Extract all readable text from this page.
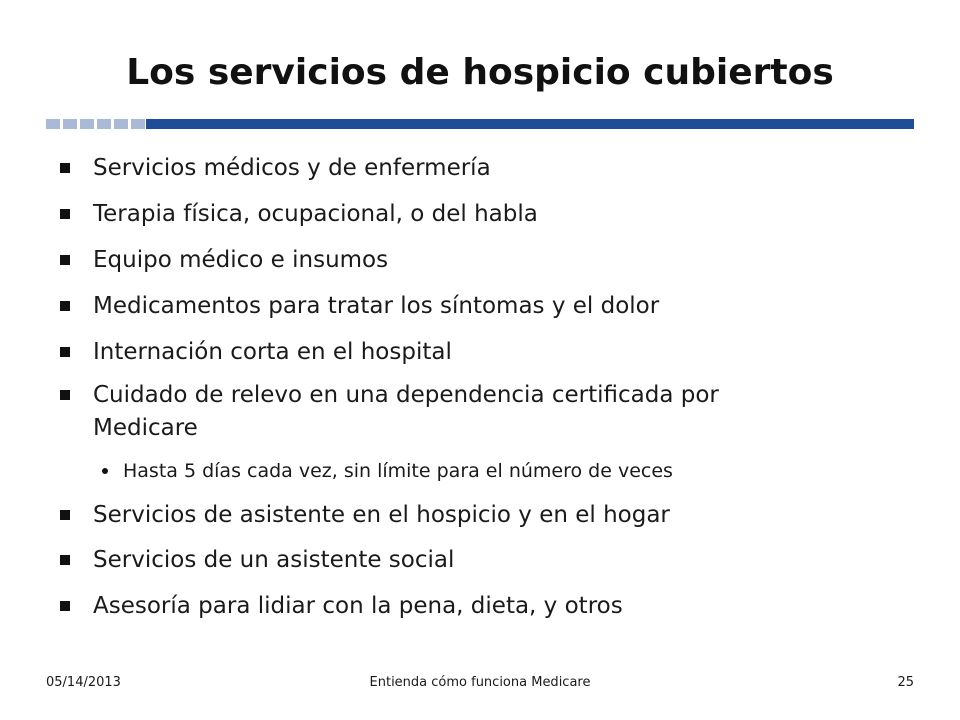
Los servicios de hospicio cubiertos
Servicios médicos y de enfermería
Terapia física, ocupacional, o del habla
Equipo médico e insumos
Medicamentos para tratar los síntomas y el dolor
Internación corta en el hospital
Cuidado de relevo en una dependencia certificada por
Medicare
Hasta 5 días cada vez, sin límite para el número de veces
Servicios de asistente en el hospicio y en el hogar
Servicios de un asistente social
Asesoría para lidiar con la pena, dieta, y otros
05/14/2013	Entienda cómo funciona Medicare	25
